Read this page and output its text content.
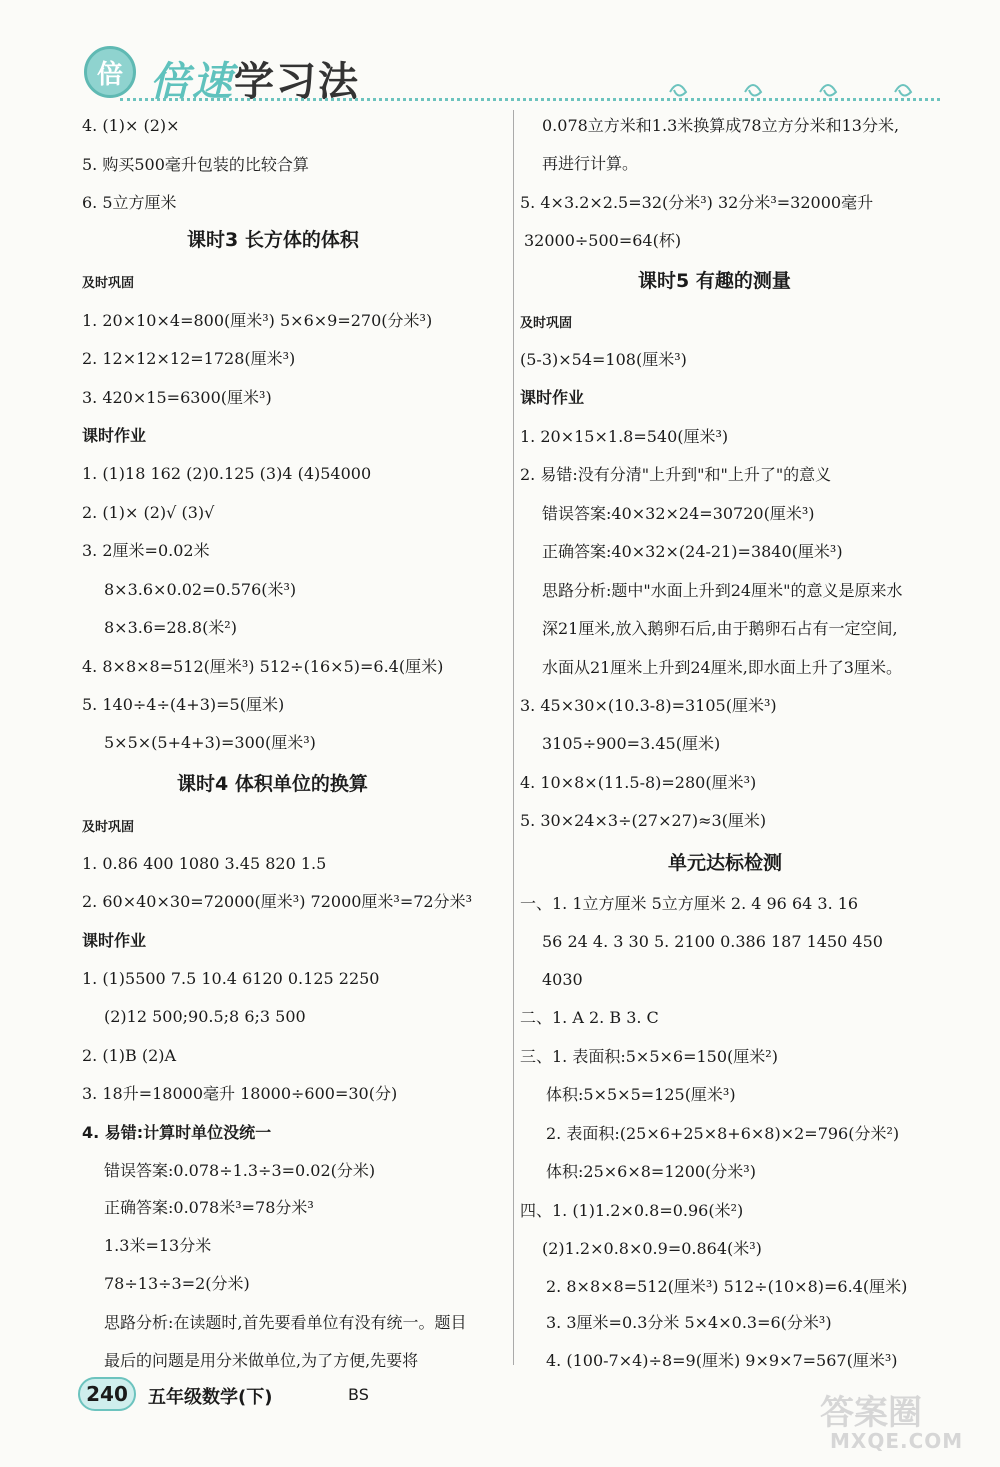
倍 倍速学习法
4. (1)× (2)×
5. 购买500毫升包装的比较合算
6. 5立方厘米
课时3 长方体的体积
及时巩固
1. 20×10×4=800(厘米³) 5×6×9=270(分米³)
2. 12×12×12=1728(厘米³)
3. 420×15=6300(厘米³)
课时作业
1. (1)18 162 (2)0.125 (3)4 (4)54000
2. (1)× (2)√ (3)√
3. 2厘米=0.02米
8×3.6×0.02=0.576(米³)
8×3.6=28.8(米²)
4. 8×8×8=512(厘米³) 512÷(16×5)=6.4(厘米)
5. 140÷4÷(4+3)=5(厘米)
5×5×(5+4+3)=300(厘米³)
课时4 体积单位的换算
及时巩固
1. 0.86 400 1080 3.45 820 1.5
2. 60×40×30=72000(厘米³) 72000厘米³=72分米³
课时作业
1. (1)5500 7.5 10.4 6120 0.125 2250
(2)12 500;90.5;8 6;3 500
2. (1)B (2)A
3. 18升=18000毫升 18000÷600=30(分)
4. 易错:计算时单位没统一
错误答案:0.078÷1.3÷3=0.02(分米)
正确答案:0.078米³=78分米³
1.3米=13分米
78÷13÷3=2(分米)
思路分析:在读题时,首先要看单位有没有统一。题目
最后的问题是用分米做单位,为了方便,先要将
0.078立方米和1.3米换算成78立方分米和13分米,
再进行计算。
5. 4×3.2×2.5=32(分米³) 32分米³=32000毫升
32000÷500=64(杯)
课时5 有趣的测量
及时巩固
(5-3)×54=108(厘米³)
课时作业
1. 20×15×1.8=540(厘米³)
2. 易错:没有分清"上升到"和"上升了"的意义
错误答案:40×32×24=30720(厘米³)
正确答案:40×32×(24-21)=3840(厘米³)
思路分析:题中"水面上升到24厘米"的意义是原来水
深21厘米,放入鹅卵石后,由于鹅卵石占有一定空间,
水面从21厘米上升到24厘米,即水面上升了3厘米。
3. 45×30×(10.3-8)=3105(厘米³)
3105÷900=3.45(厘米)
4. 10×8×(11.5-8)=280(厘米³)
5. 30×24×3÷(27×27)≈3(厘米)
单元达标检测
一、1. 1立方厘米 5立方厘米 2. 4 96 64 3. 16
56 24 4. 3 30 5. 2100 0.386 187 1450 450
4030
二、1. A 2. B 3. C
三、1. 表面积:5×5×6=150(厘米²)
体积:5×5×5=125(厘米³)
2. 表面积:(25×6+25×8+6×8)×2=796(分米²)
体积:25×6×8=1200(分米³)
四、1. (1)1.2×0.8=0.96(米²)
(2)1.2×0.8×0.9=0.864(米³)
2. 8×8×8=512(厘米³) 512÷(10×8)=6.4(厘米)
3. 3厘米=0.3分米 5×4×0.3=6(分米³)
4. (100-7×4)÷8=9(厘米) 9×9×7=567(厘米³)
240	五年级数学(下)	BS	答案圈
MXQE.COM
